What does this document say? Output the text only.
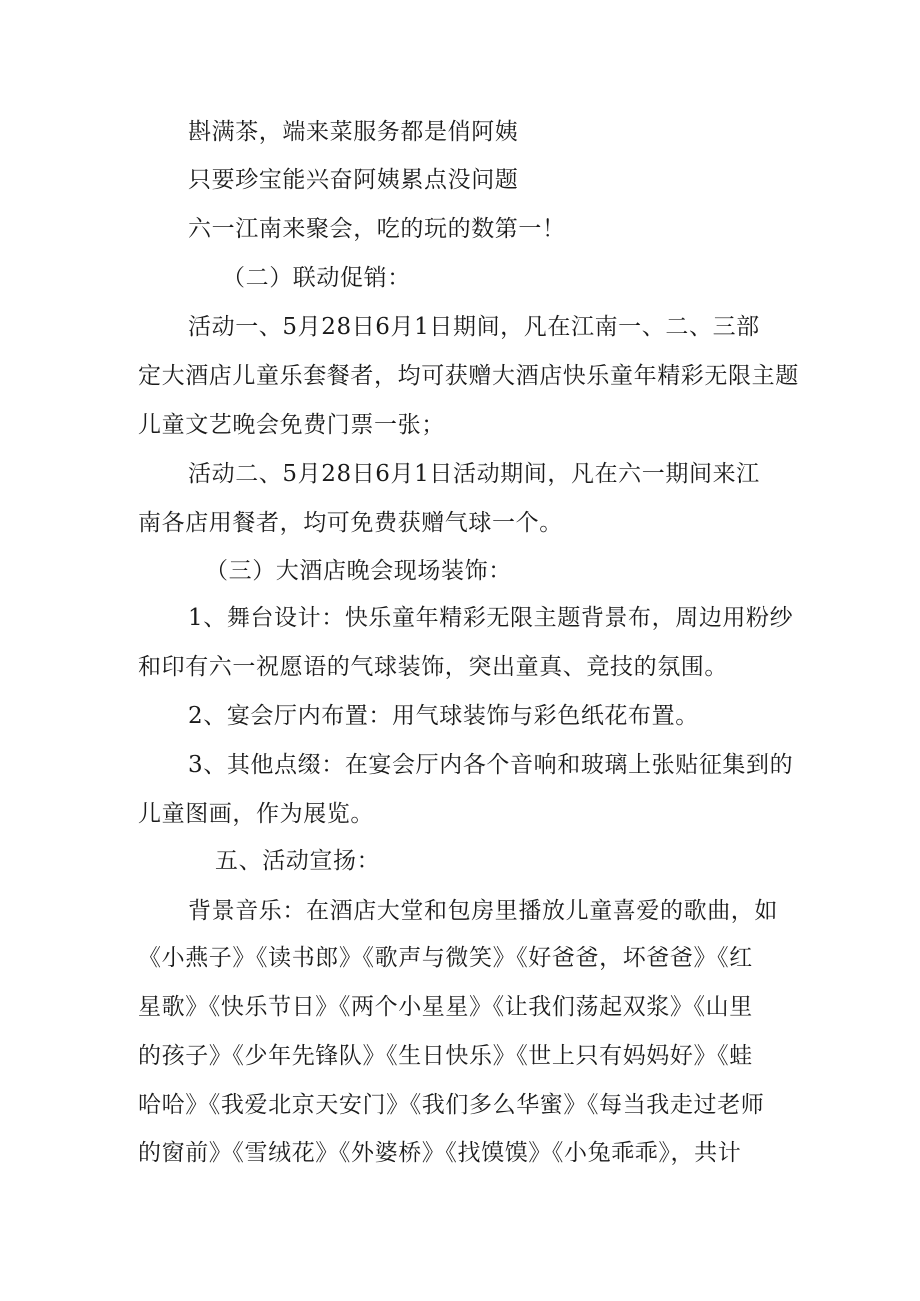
斟满茶，端来菜服务都是俏阿姨
只要珍宝能兴奋阿姨累点没问题
六一江南来聚会，吃的玩的数第一！
（二）联动促销：
活动一、5月28日6月1日期间，凡在江南一、二、三部
定大酒店儿童乐套餐者，均可获赠大酒店快乐童年精彩无限主题
儿童文艺晚会免费门票一张；
活动二、5月28日6月1日活动期间，凡在六一期间来江
南各店用餐者，均可免费获赠气球一个。
（三）大酒店晚会现场装饰：
1、舞台设计：快乐童年精彩无限主题背景布，周边用粉纱
和印有六一祝愿语的气球装饰，突出童真、竞技的氛围。
2、宴会厅内布置：用气球装饰与彩色纸花布置。
3、其他点缀：在宴会厅内各个音响和玻璃上张贴征集到的
儿童图画，作为展览。
五、活动宣扬：
背景音乐：在酒店大堂和包房里播放儿童喜爱的歌曲，如
《小燕子》《读书郎》《歌声与微笑》《好爸爸，坏爸爸》《红
星歌》《快乐节日》《两个小星星》《让我们荡起双浆》《山里
的孩子》《少年先锋队》《生日快乐》《世上只有妈妈好》《蛙
哈哈》《我爱北京天安门》《我们多么华蜜》《每当我走过老师
的窗前》《雪绒花》《外婆桥》《找馍馍》《小兔乖乖》，共计
